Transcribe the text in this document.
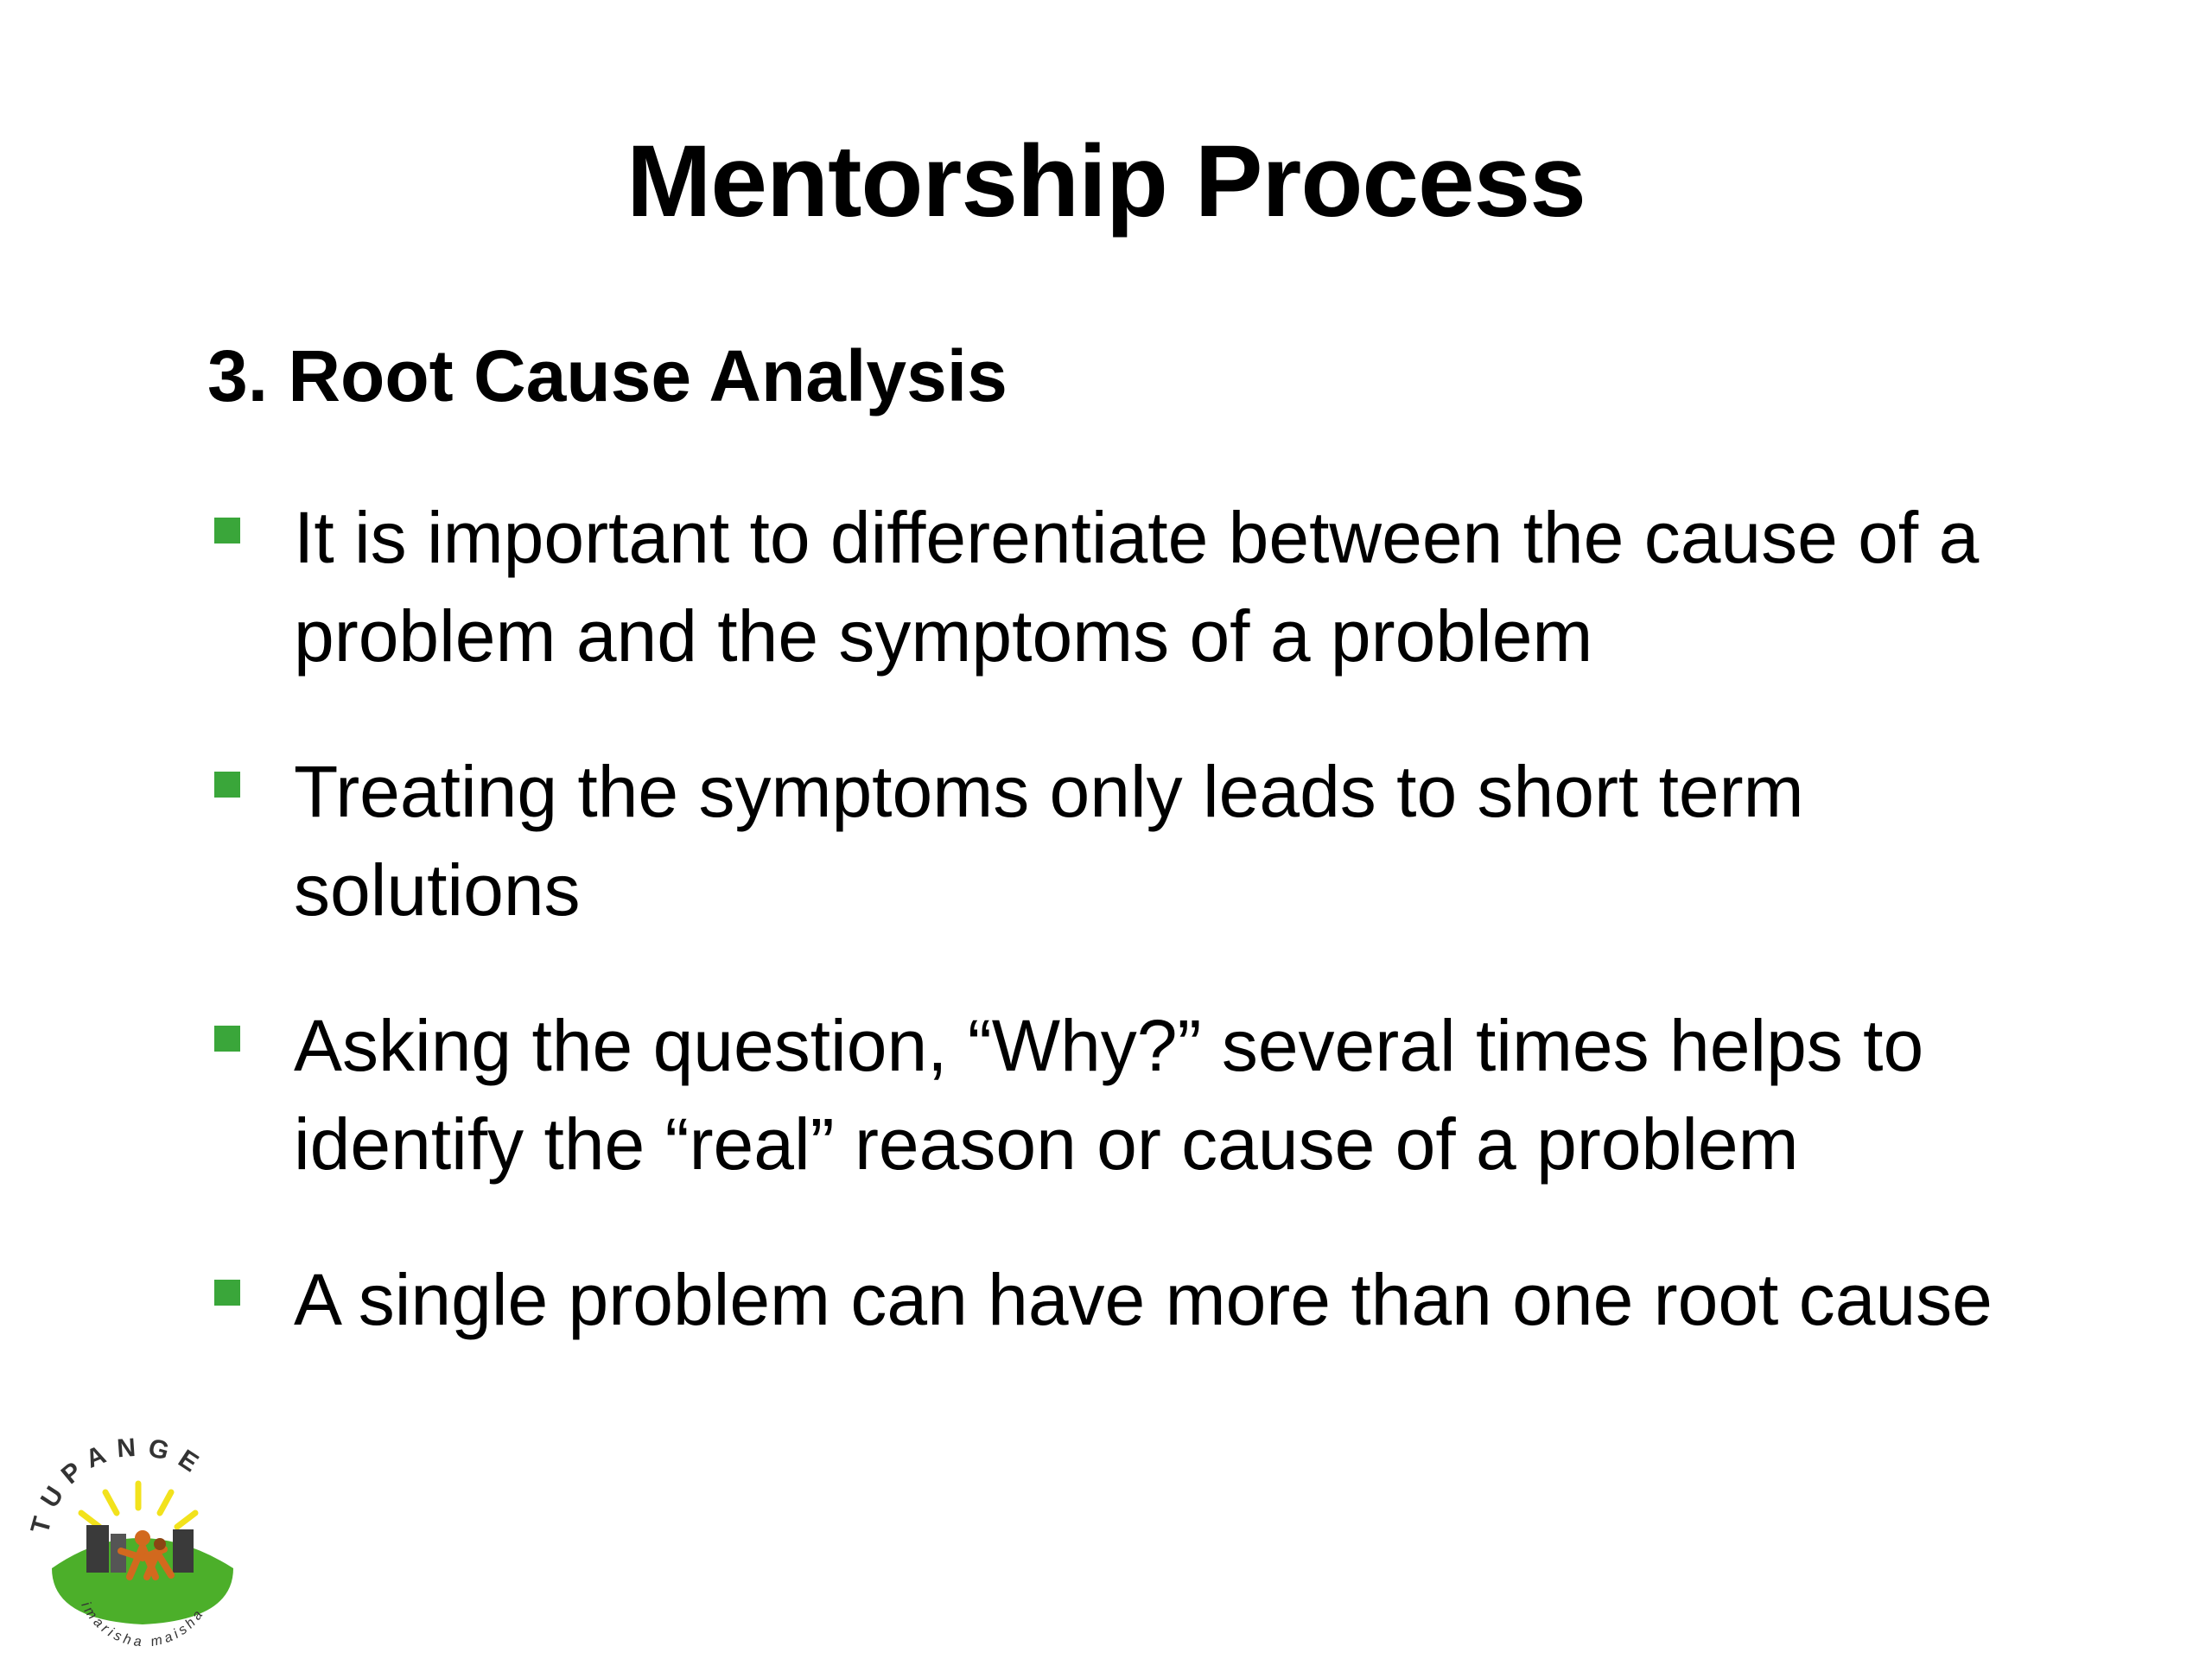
Mentorship Process
3. Root Cause Analysis
It is important to differentiate between the cause of a problem and the symptoms of a problem
Treating the symptoms only leads to short term solutions
Asking the question, “Why?” several times helps to identify the “real” reason or cause of a problem
A single problem can have more than one root cause
TUPANGE
imarisha maisha
